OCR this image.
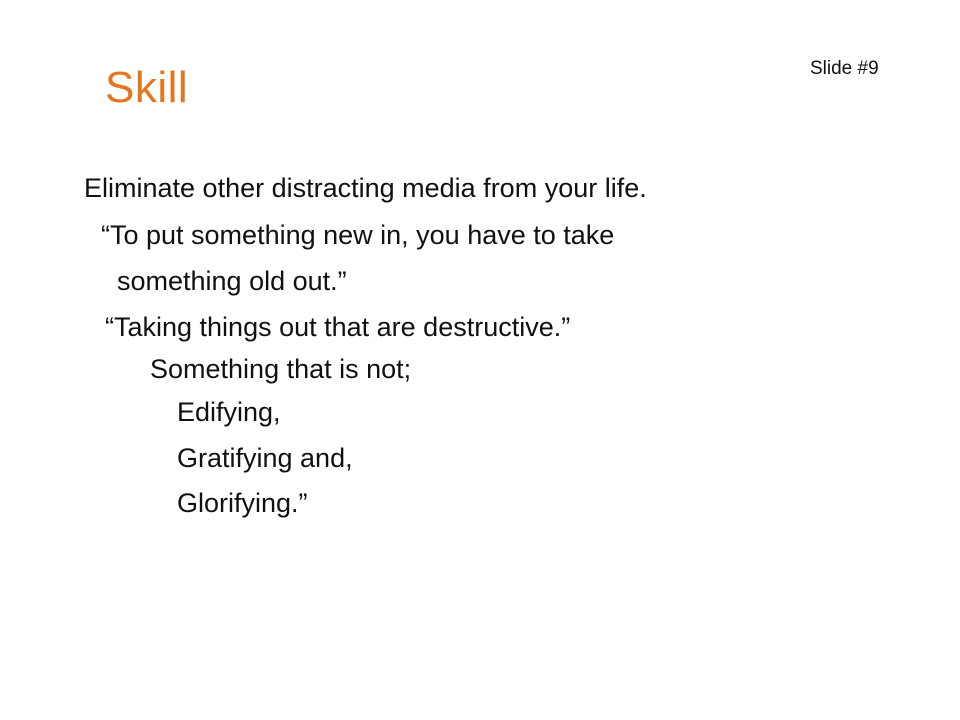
Skill	Slide #9
Eliminate other distracting media from your life.
“To put something new in, you have to take
something old out.”
“Taking things out that are destructive.”
Something that is not;
Edifying,
Gratifying and,
Glorifying.”
